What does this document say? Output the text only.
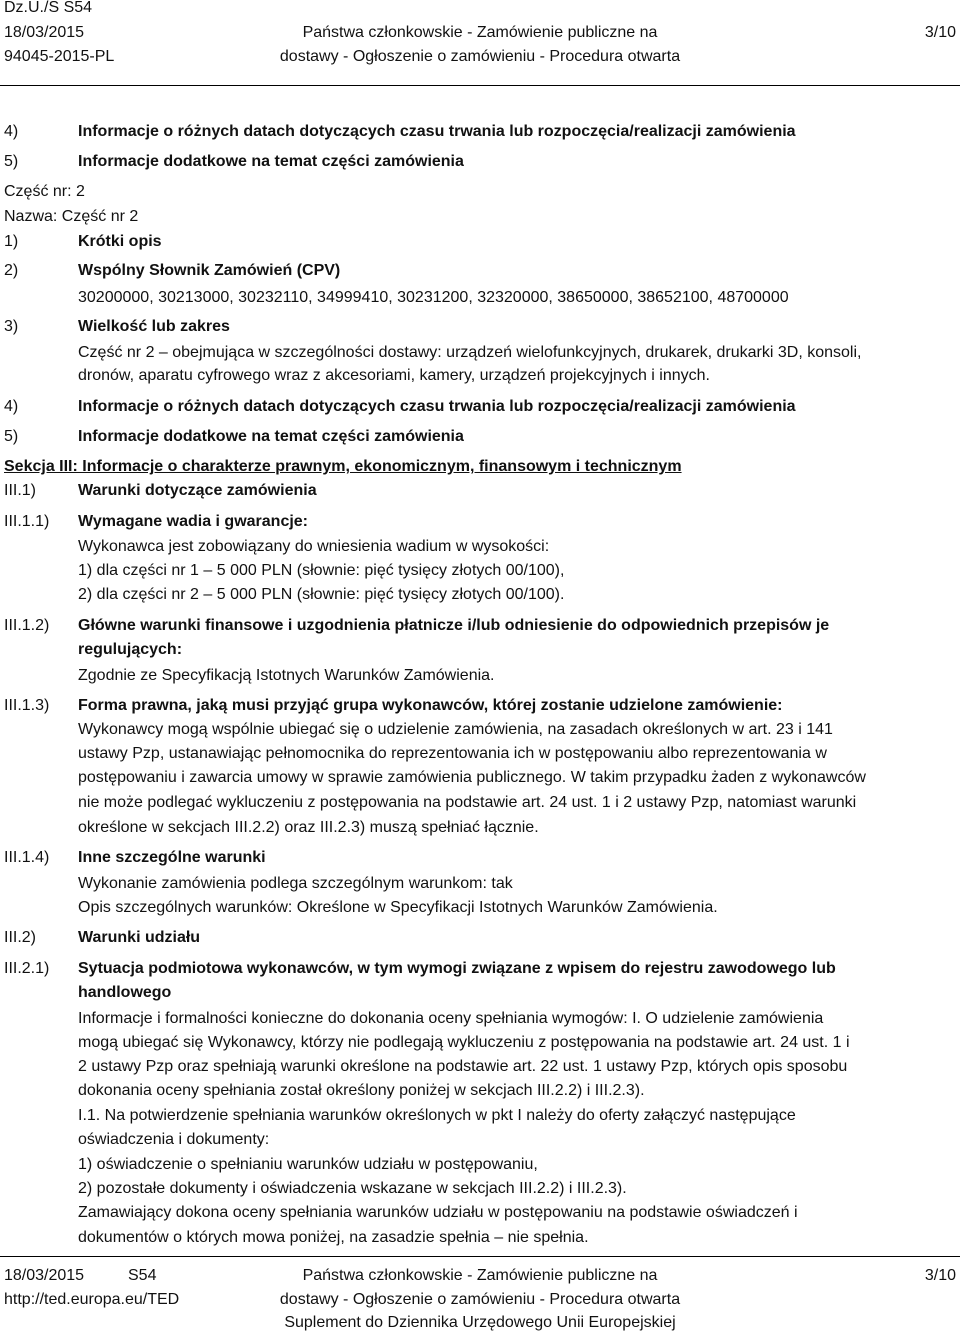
Dz.U./S S54
18/03/2015
94045-2015-PL
Państwa członkowskie - Zamówienie publiczne na
dostawy - Ogłoszenie o zamówieniu - Procedura otwarta
3/10
4)	Informacje o różnych datach dotyczących czasu trwania lub rozpoczęcia/realizacji zamówienia
5)	Informacje dodatkowe na temat części zamówienia
Część nr: 2
Nazwa: Część nr 2
1)	Krótki opis
2)	Wspólny Słownik Zamówień (CPV)
30200000, 30213000, 30232110, 34999410, 30231200, 32320000, 38650000, 38652100, 48700000
3)	Wielkość lub zakres
Część nr 2 – obejmująca w szczególności dostawy: urządzeń wielofunkcyjnych, drukarek, drukarki 3D, konsoli,
dronów, aparatu cyfrowego wraz z akcesoriami, kamery, urządzeń projekcyjnych i innych.
4)	Informacje o różnych datach dotyczących czasu trwania lub rozpoczęcia/realizacji zamówienia
5)	Informacje dodatkowe na temat części zamówienia
Sekcja III: Informacje o charakterze prawnym, ekonomicznym, finansowym i technicznym
III.1)	Warunki dotyczące zamówienia
III.1.1) Wymagane wadia i gwarancje:
Wykonawca jest zobowiązany do wniesienia wadium w wysokości:
1) dla części nr 1 – 5 000 PLN (słownie: pięć tysięcy złotych 00/100),
2) dla części nr 2 – 5 000 PLN (słownie: pięć tysięcy złotych 00/100).
III.1.2) Główne warunki finansowe i uzgodnienia płatnicze i/lub odniesienie do odpowiednich przepisów je
regulujących:
Zgodnie ze Specyfikacją Istotnych Warunków Zamówienia.
III.1.3) Forma prawna, jaką musi przyjąć grupa wykonawców, której zostanie udzielone zamówienie:
Wykonawcy mogą wspólnie ubiegać się o udzielenie zamówienia, na zasadach określonych w art. 23 i 141
ustawy Pzp, ustanawiając pełnomocnika do reprezentowania ich w postępowaniu albo reprezentowania w
postępowaniu i zawarcia umowy w sprawie zamówienia publicznego. W takim przypadku żaden z wykonawców
nie może podlegać wykluczeniu z postępowania na podstawie art. 24 ust. 1 i 2 ustawy Pzp, natomiast warunki
określone w sekcjach III.2.2) oraz III.2.3) muszą spełniać łącznie.
III.1.4) Inne szczególne warunki
Wykonanie zamówienia podlega szczególnym warunkom: tak
Opis szczególnych warunków: Określone w Specyfikacji Istotnych Warunków Zamówienia.
III.2)	Warunki udziału
III.2.1) Sytuacja podmiotowa wykonawców, w tym wymogi związane z wpisem do rejestru zawodowego lub
handlowego
Informacje i formalności konieczne do dokonania oceny spełniania wymogów: I. O udzielenie zamówienia
mogą ubiegać się Wykonawcy, którzy nie podlegają wykluczeniu z postępowania na podstawie art. 24 ust. 1 i
2 ustawy Pzp oraz spełniają warunki określone na podstawie art. 22 ust. 1 ustawy Pzp, których opis sposobu
dokonania oceny spełniania został określony poniżej w sekcjach III.2.2) i III.2.3).
I.1. Na potwierdzenie spełniania warunków określonych w pkt I należy do oferty załączyć następujące
oświadczenia i dokumenty:
1) oświadczenie o spełnianiu warunków udziału w postępowaniu,
2) pozostałe dokumenty i oświadczenia wskazane w sekcjach III.2.2) i III.2.3).
Zamawiający dokona oceny spełniania warunków udziału w postępowaniu na podstawie oświadczeń i
dokumentów o których mowa poniżej, na zasadzie spełnia – nie spełnia.
18/03/2015	S54
http://ted.europa.eu/TED
Państwa członkowskie - Zamówienie publiczne na
dostawy - Ogłoszenie o zamówieniu - Procedura otwarta
Suplement do Dziennika Urzędowego Unii Europejskiej
3/10
